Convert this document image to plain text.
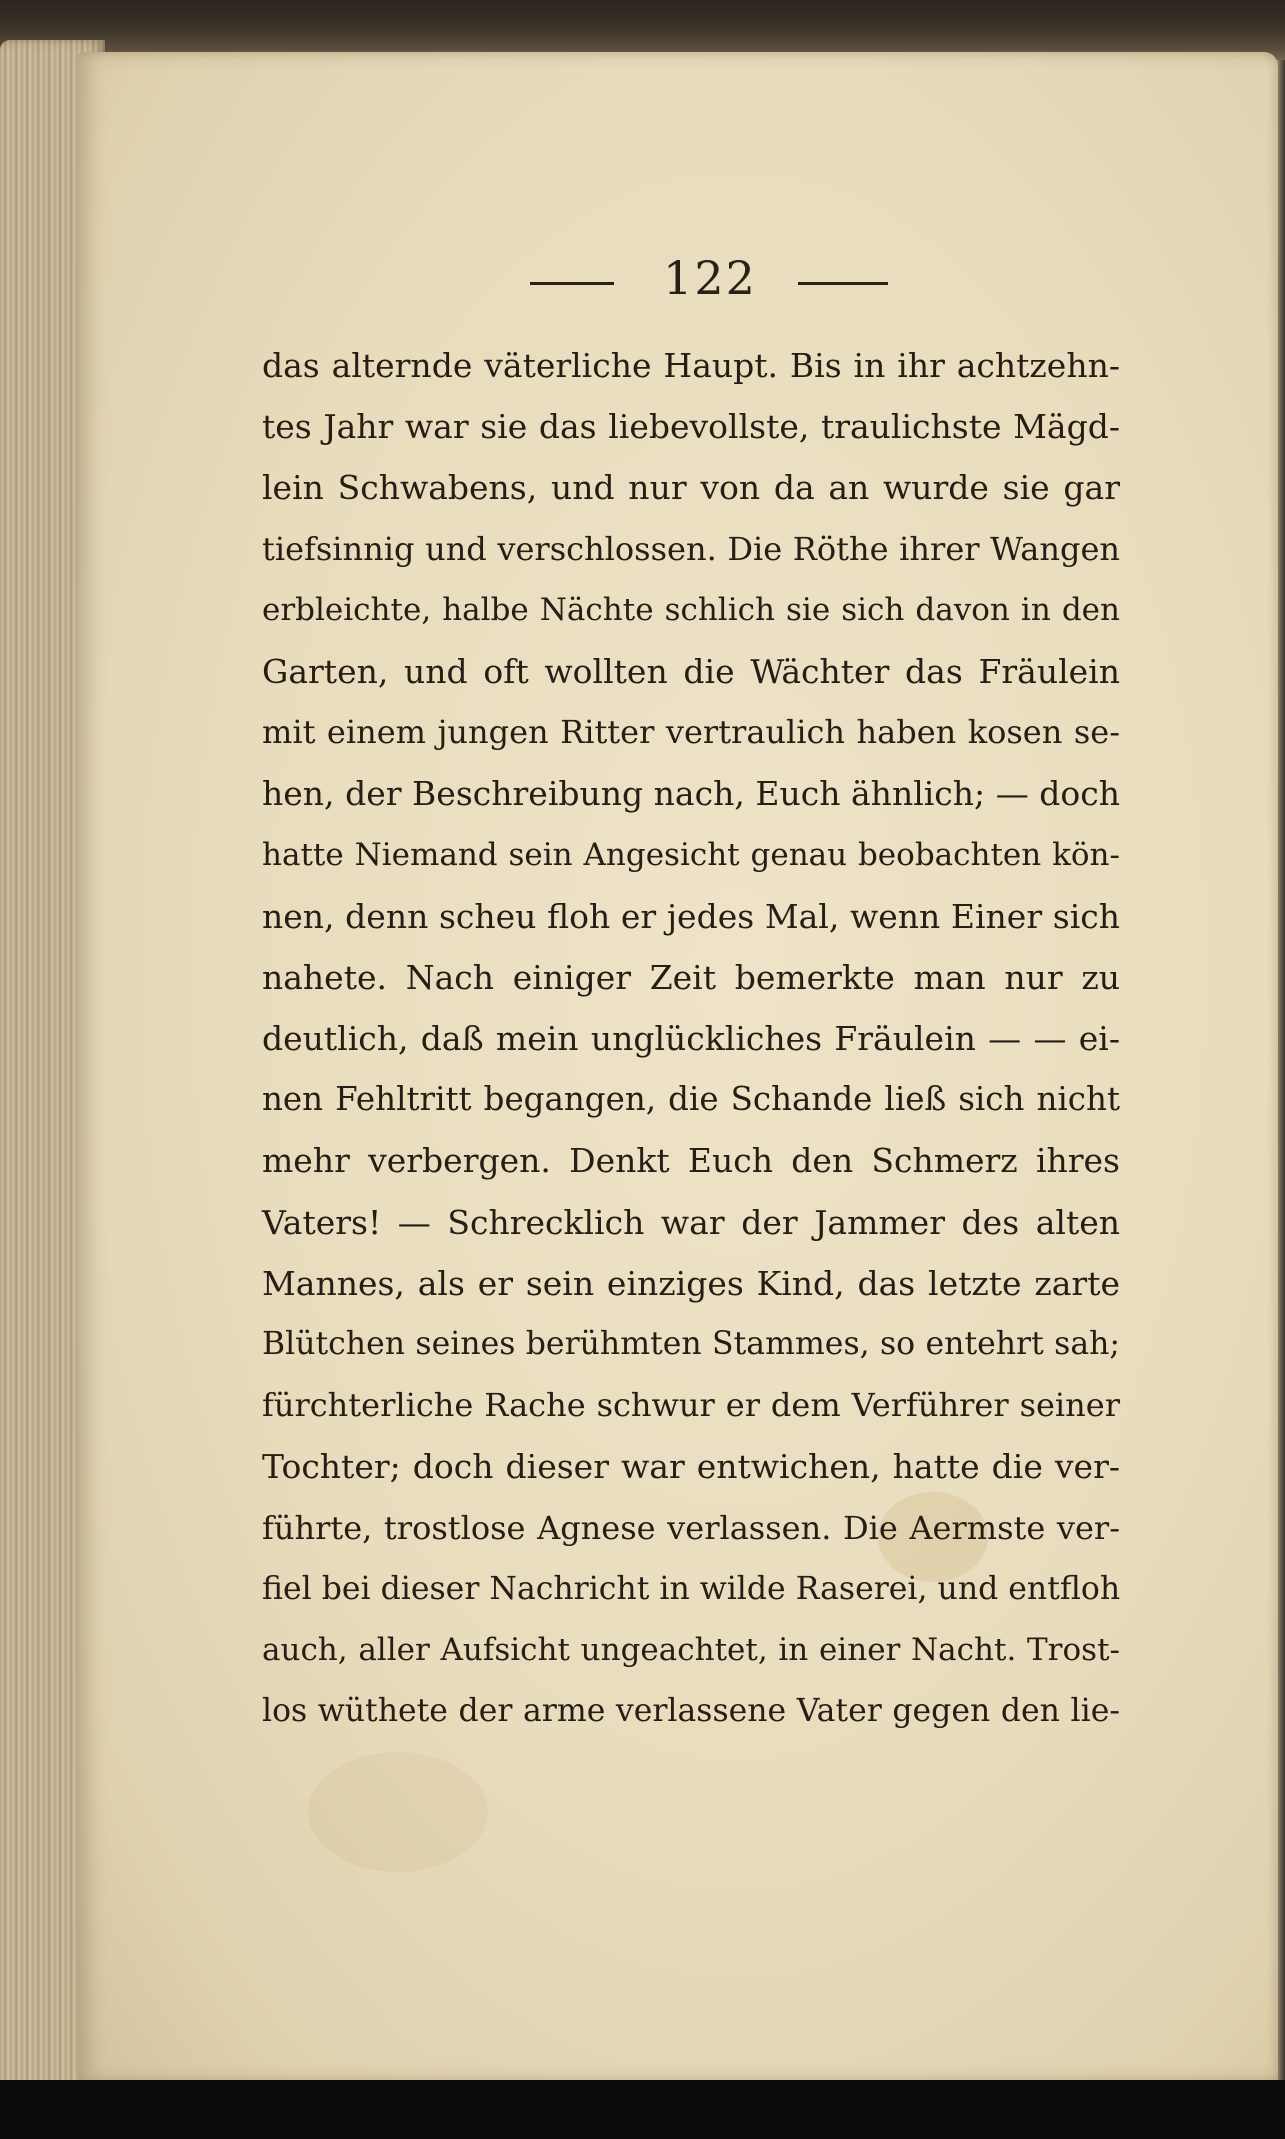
122
das alternde väterliche Haupt. Bis in ihr achtzehn-
tes Jahr war sie das liebevollste, traulichste Mägd-
lein Schwabens, und nur von da an wurde sie gar
tiefsinnig und verschlossen. Die Röthe ihrer Wangen
erbleichte, halbe Nächte schlich sie sich davon in den
Garten, und oft wollten die Wächter das Fräulein
mit einem jungen Ritter vertraulich haben kosen se-
hen, der Beschreibung nach, Euch ähnlich; — doch
hatte Niemand sein Angesicht genau beobachten kön-
nen, denn scheu floh er jedes Mal, wenn Einer sich
nahete. Nach einiger Zeit bemerkte man nur zu
deutlich, daß mein unglückliches Fräulein — — ei-
nen Fehltritt begangen, die Schande ließ sich nicht
mehr verbergen. Denkt Euch den Schmerz ihres
Vaters! — Schrecklich war der Jammer des alten
Mannes, als er sein einziges Kind, das letzte zarte
Blütchen seines berühmten Stammes, so entehrt sah;
fürchterliche Rache schwur er dem Verführer seiner
Tochter; doch dieser war entwichen, hatte die ver-
führte, trostlose Agnese verlassen. Die Aermste ver-
fiel bei dieser Nachricht in wilde Raserei, und entfloh
auch, aller Aufsicht ungeachtet, in einer Nacht. Trost-
los wüthete der arme verlassene Vater gegen den lie-
